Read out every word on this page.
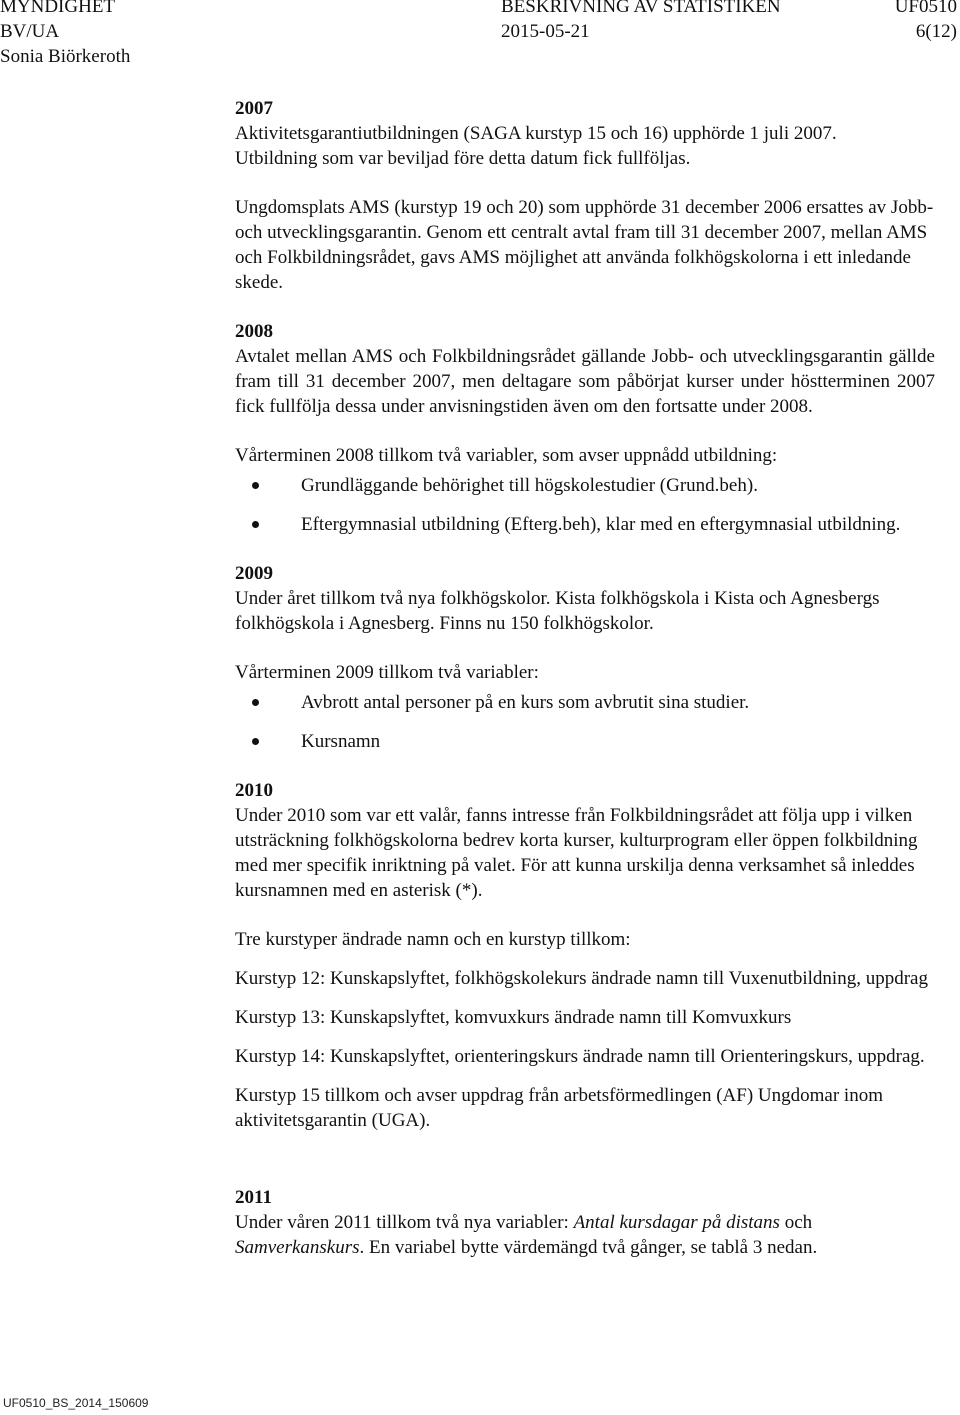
MYNDIGHET	BESKRIVNING AV STATISTIKEN	UF0510
BV/UA	2015-05-21	6(12)
Sonia Biörkeroth

2007

Aktivitetsgarantiutbildningen (SAGA kurstyp 15 och 16) upphörde 1 juli 2007.
Utbildning som var beviljad före detta datum fick fullföljas.

Ungdomsplats AMS (kurstyp 19 och 20) som upphörde 31 december 2006 ersattes av Jobb- och utvecklingsgarantin. Genom ett centralt avtal fram till 31 december 2007, mellan AMS och Folkbildningsrådet, gavs AMS möjlighet att använda folkhögskolorna i ett inledande skede.

2008

Avtalet mellan AMS och Folkbildningsrådet gällande Jobb- och utvecklingsgarantin gällde fram till 31 december 2007, men deltagare som påbörjat kurser under höstterminen 2007 fick fullfölja dessa under anvisningstiden även om den fortsatte under 2008.

Vårterminen 2008 tillkom två variabler, som avser uppnådd utbildning:

Grundläggande behörighet till högskolestudier (Grund.beh).
Eftergymnasial utbildning (Efterg.beh), klar med en eftergymnasial utbildning.

2009

Under året tillkom två nya folkhögskolor. Kista folkhögskola i Kista och Agnesbergs folkhögskola i Agnesberg. Finns nu 150 folkhögskolor.

Vårterminen 2009 tillkom två variabler:

Avbrott antal personer på en kurs som avbrutit sina studier.
Kursnamn

2010

Under 2010 som var ett valår, fanns intresse från Folkbildningsrådet att följa upp i vilken utsträckning folkhögskolorna bedrev korta kurser, kulturprogram eller öppen folkbildning med mer specifik inriktning på valet. För att kunna urskilja denna verksamhet så inleddes kursnamnen med en asterisk (*).

Tre kurstyper ändrade namn och en kurstyp tillkom:

Kurstyp 12: Kunskapslyftet, folkhögskolekurs ändrade namn till Vuxenutbildning, uppdrag

Kurstyp 13: Kunskapslyftet, komvuxkurs ändrade namn till Komvuxkurs

Kurstyp 14: Kunskapslyftet, orienteringskurs ändrade namn till Orienteringskurs, uppdrag.

Kurstyp 15 tillkom och avser uppdrag från arbetsförmedlingen (AF) Ungdomar inom aktivitetsgarantin (UGA).

2011

Under våren 2011 tillkom två nya variabler: Antal kursdagar på distans och Samverkanskurs. En variabel bytte värdemängd två gånger, se tablå 3 nedan.

UF0510_BS_2014_150609
